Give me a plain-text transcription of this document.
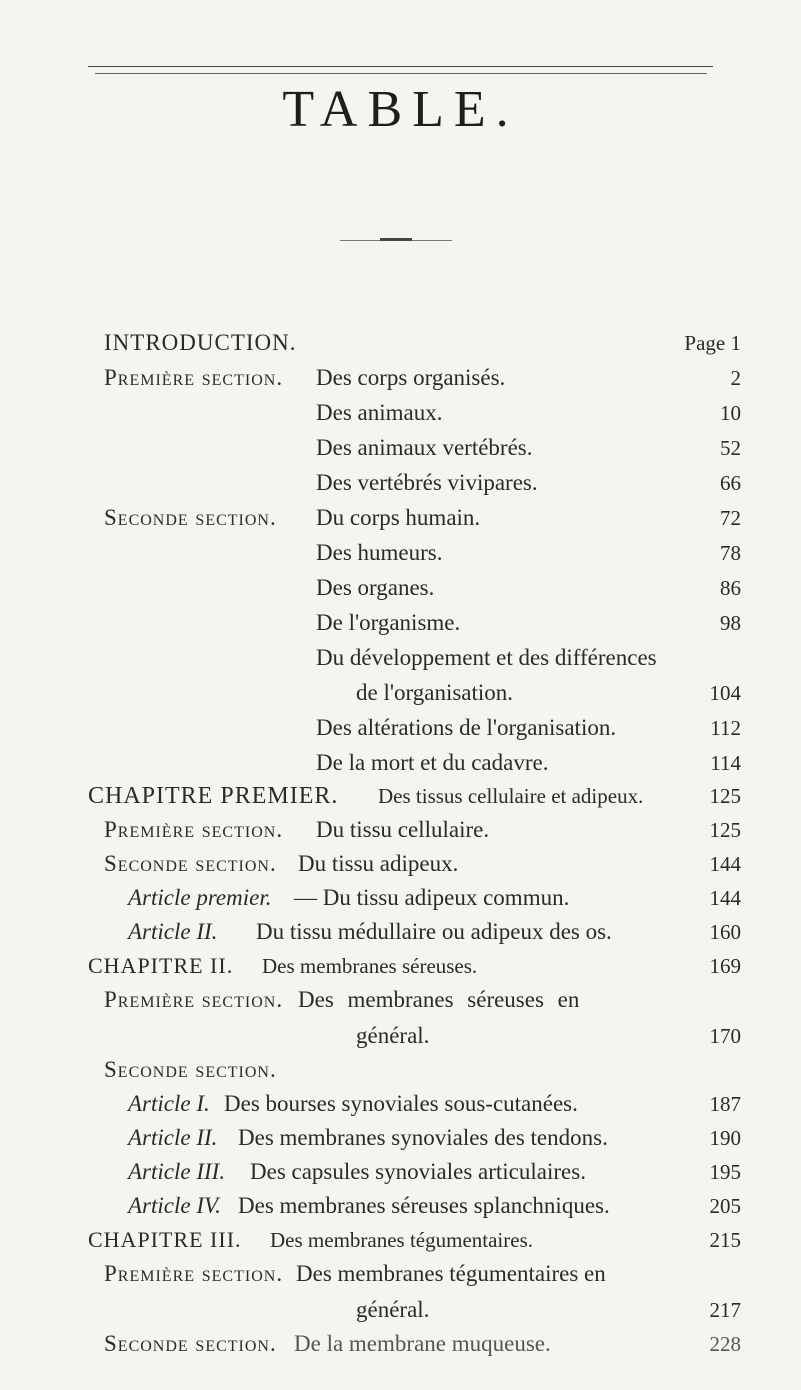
TABLE.
INTRODUCTION.	Page 1
Première section. Des corps organisés.	2
Des animaux.	10
Des animaux vertébrés.	52
Des vertébrés vivipares.	66
Seconde section. Du corps humain.	72
Des humeurs.	78
Des organes.	86
De l'organisme.	98
Du développement et des différences
de l'organisation.	104
Des altérations de l'organisation.	112
De la mort et du cadavre.	114
CHAPITRE PREMIER. Des tissus cellulaire et adipeux.	125
Première section. Du tissu cellulaire.	125
Seconde section. Du tissu adipeux.	144
Article premier. — Du tissu adipeux commun.	144
Article II. Du tissu médullaire ou adipeux des os.	160
CHAPITRE II. Des membranes séreuses.	169
Première section. Des membranes séreuses en
général.	170
Seconde section.
Article I. Des bourses synoviales sous-cutanées.	187
Article II. Des membranes synoviales des tendons.	190
Article III. Des capsules synoviales articulaires.	195
Article IV. Des membranes séreuses splanchniques.	205
CHAPITRE III. Des membranes tégumentaires.	215
Première section. Des membranes tégumentaires en
général.	217
Seconde section. De la membrane muqueuse.	228
